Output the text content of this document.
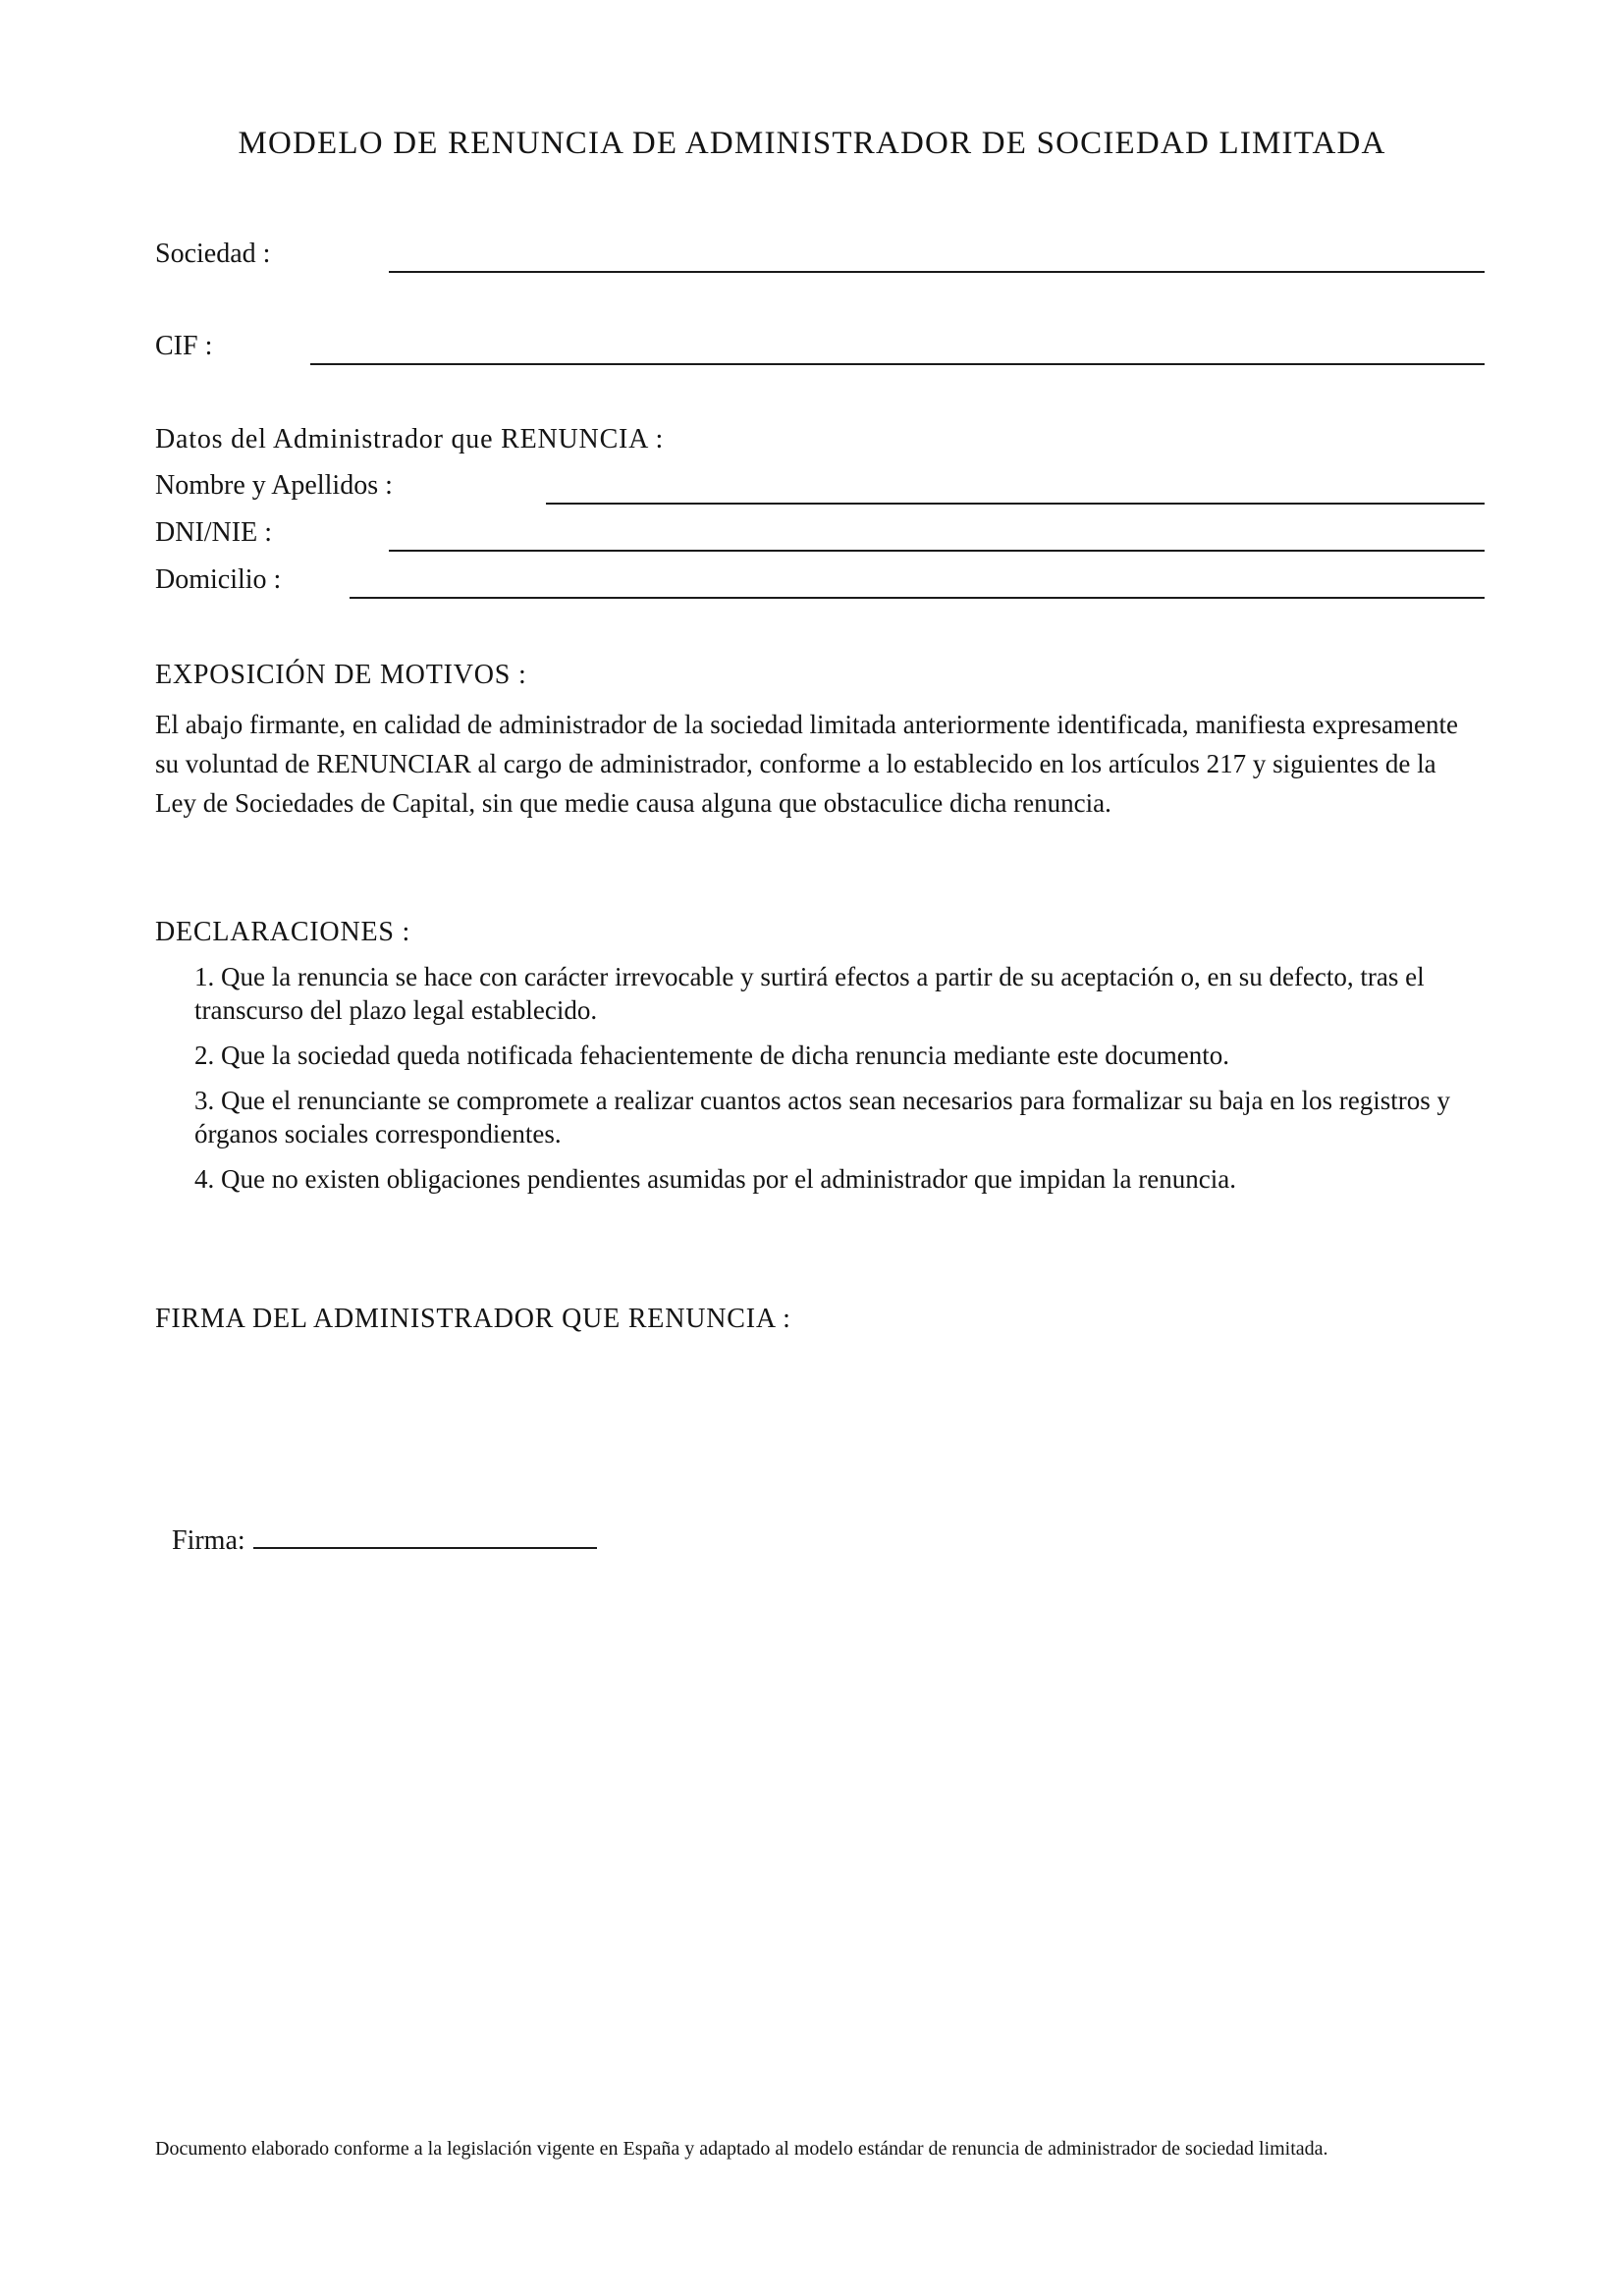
MODELO DE RENUNCIA DE ADMINISTRADOR DE SOCIEDAD LIMITADA
Sociedad :
CIF :

Datos del Administrador que RENUNCIA :

Nombre y Apellidos :
DNI/NIE :
Domicilio :

EXPOSICIÓN DE MOTIVOS :

El abajo firmante, en calidad de administrador de la sociedad limitada anteriormente identificada, manifiesta expresamente su voluntad de RENUNCIAR al cargo de administrador, conforme a lo establecido en los artículos 217 y siguientes de la Ley de Sociedades de Capital, sin que medie causa alguna que obstaculice dicha renuncia.

DECLARACIONES :

1. Que la renuncia se hace con carácter irrevocable y surtirá efectos a partir de su aceptación o, en su defecto, tras el transcurso del plazo legal establecido.
2. Que la sociedad queda notificada fehacientemente de dicha renuncia mediante este documento.
3. Que el renunciante se compromete a realizar cuantos actos sean necesarios para formalizar su baja en los registros y órganos sociales correspondientes.
4. Que no existen obligaciones pendientes asumidas por el administrador que impidan la renuncia.

FIRMA DEL ADMINISTRADOR QUE RENUNCIA :

Firma:

Documento elaborado conforme a la legislación vigente en España y adaptado al modelo estándar de renuncia de administrador de sociedad limitada.
